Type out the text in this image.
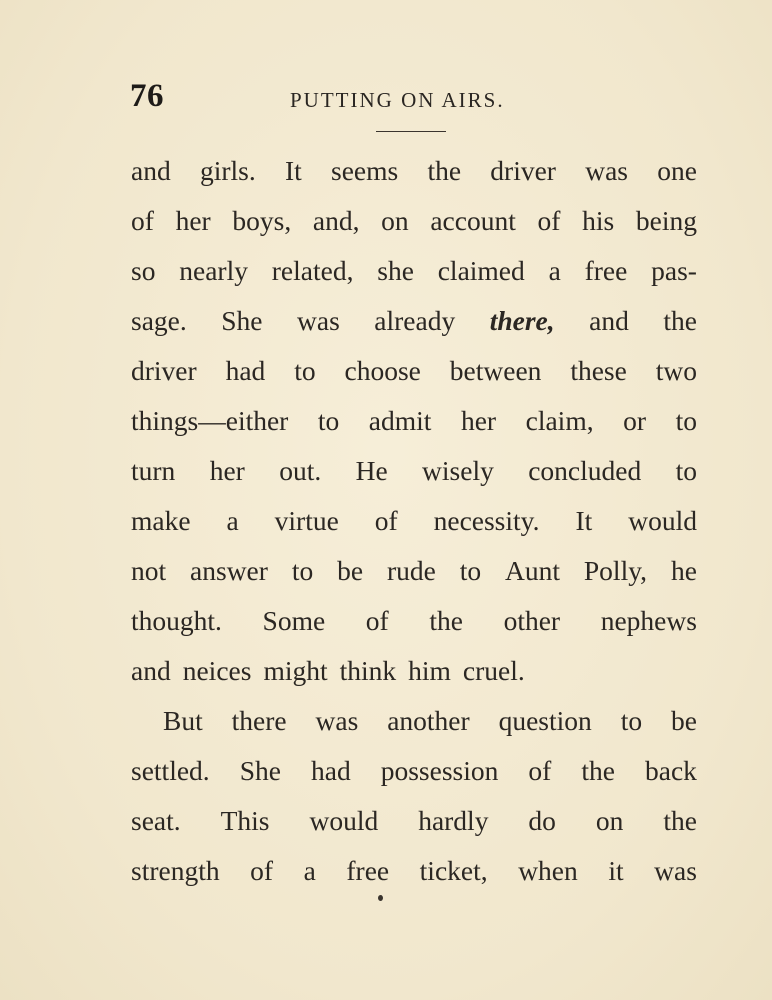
76	PUTTING ON AIRS.
and girls. It seems the driver was one
of her boys, and, on account of his being
so nearly related, she claimed a free pas-
sage. She was already there, and the
driver had to choose between these two
things—either to admit her claim, or to
turn her out. He wisely concluded to
make a virtue of necessity. It would
not answer to be rude to Aunt Polly, he
thought. Some of the other nephews
and neices might think him cruel.
But there was another question to be
settled. She had possession of the back
seat. This would hardly do on the
strength of a free ticket, when it was
